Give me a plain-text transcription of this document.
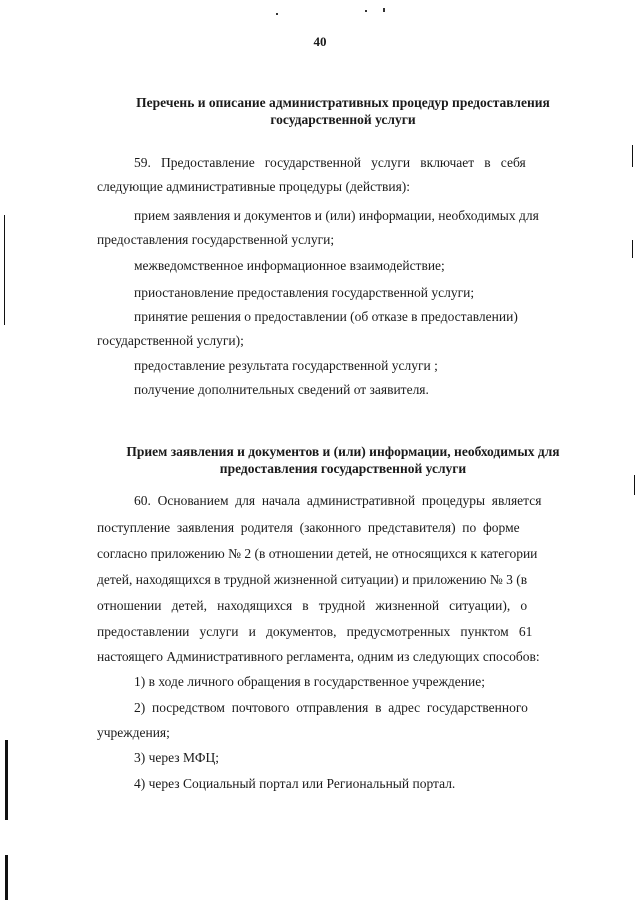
40
Перечень и описание административных процедур предоставления
государственной услуги
59.   Предоставление   государственной   услуги   включает   в   себя
следующие административные процедуры (действия):
прием заявления и документов и (или) информации, необходимых для
предоставления государственной услуги;
межведомственное информационное взаимодействие;
приостановление предоставления государственной услуги;
принятие решения о предоставлении (об отказе в предоставлении)
государственной услуги);
предоставление результата государственной услуги ;
получение дополнительных сведений от заявителя.
Прием заявления и документов и (или) информации, необходимых для
предоставления государственной услуги
60.  Основанием  для  начала  административной  процедуры  является
поступление  заявления  родителя  (законного  представителя)  по  форме
согласно приложению № 2 (в отношении детей, не относящихся к категории
детей, находящихся в трудной жизненной ситуации) и приложению № 3 (в
отношении   детей,   находящихся   в   трудной   жизненной   ситуации),   о
предоставлении   услуги   и   документов,   предусмотренных   пунктом   61
настоящего Административного регламента, одним из следующих способов:
1) в ходе личного обращения в государственное учреждение;
2)  посредством  почтового  отправления  в  адрес  государственного
учреждения;
3) через МФЦ;
4) через Социальный портал или Региональный портал.
